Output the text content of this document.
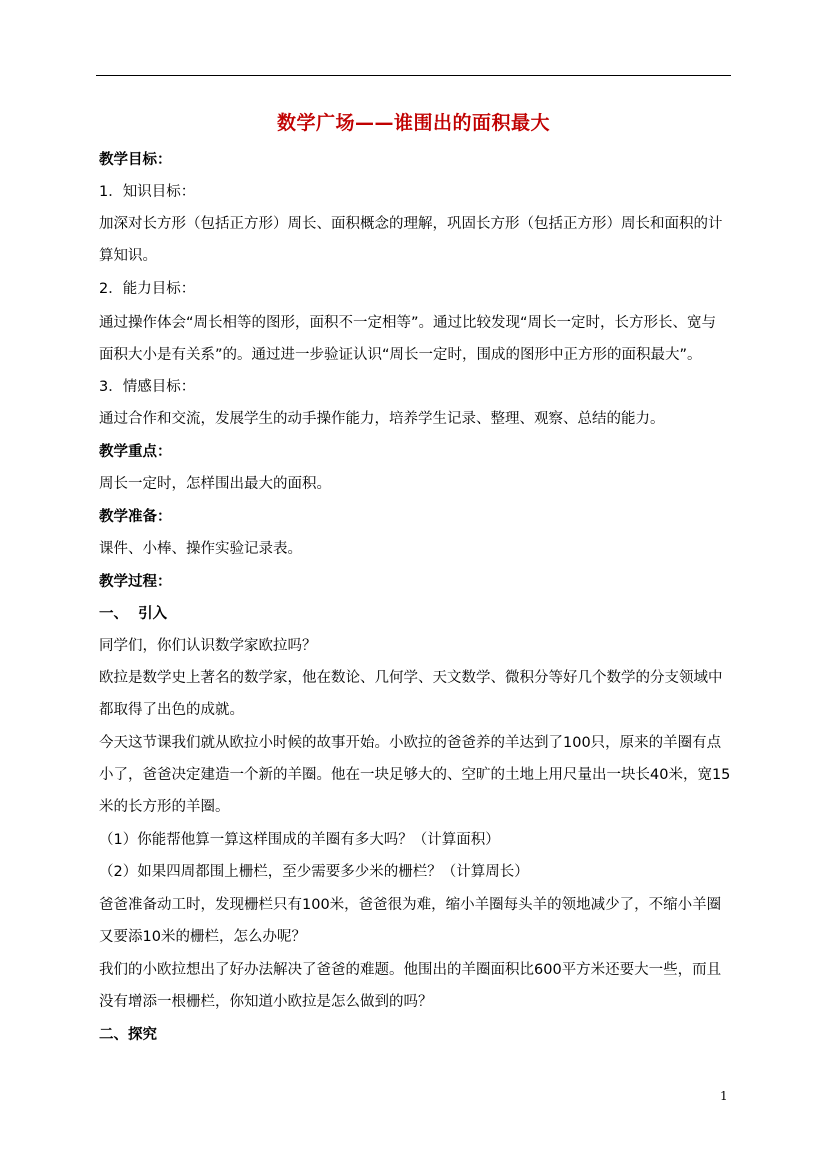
数学广场——谁围出的面积最大
教学目标：
1．知识目标：
加深对长方形（包括正方形）周长、面积概念的理解，巩固长方形（包括正方形）周长和面积的计
算知识。
2．能力目标：
通过操作体会“周长相等的图形，面积不一定相等”。通过比较发现“周长一定时，长方形长、宽与
面积大小是有关系”的。通过进一步验证认识“周长一定时，围成的图形中正方形的面积最大”。
3．情感目标：
通过合作和交流，发展学生的动手操作能力，培养学生记录、整理、观察、总结的能力。
教学重点：
周长一定时，怎样围出最大的面积。
教学准备：
课件、小棒、操作实验记录表。
教学过程：
一、  引入
同学们，你们认识数学家欧拉吗？
欧拉是数学史上著名的数学家，他在数论、几何学、天文数学、微积分等好几个数学的分支领域中
都取得了出色的成就。
今天这节课我们就从欧拉小时候的故事开始。小欧拉的爸爸养的羊达到了100只，原来的羊圈有点
小了，爸爸决定建造一个新的羊圈。他在一块足够大的、空旷的土地上用尺量出一块长40米，宽15
米的长方形的羊圈。
（1）你能帮他算一算这样围成的羊圈有多大吗？（计算面积）
（2）如果四周都围上栅栏，至少需要多少米的栅栏？（计算周长）
爸爸准备动工时，发现栅栏只有100米，爸爸很为难，缩小羊圈每头羊的领地减少了，不缩小羊圈
又要添10米的栅栏，怎么办呢？
我们的小欧拉想出了好办法解决了爸爸的难题。他围出的羊圈面积比600平方米还要大一些，而且
没有增添一根栅栏，你知道小欧拉是怎么做到的吗？
二、探究
1
